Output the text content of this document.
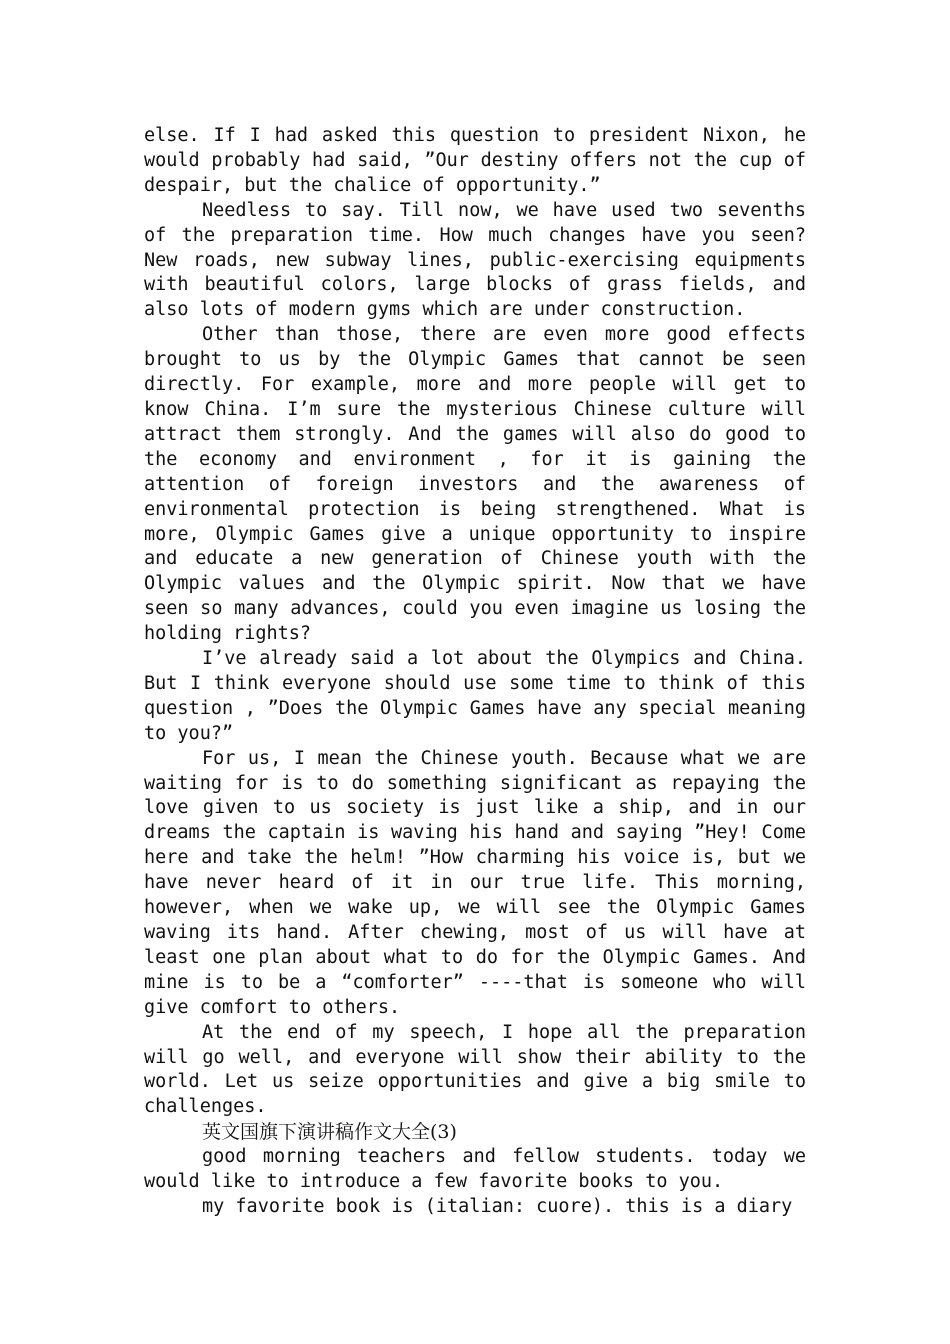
else. If I had asked this question to president Nixon, he would probably had said, ”Our destiny offers not the cup of despair, but the chalice of opportunity.”

Needless to say. Till now, we have used two sevenths of the preparation time. How much changes have you seen? New roads, new subway lines, public-exercising equipments with beautiful colors, large blocks of grass fields, and also lots of modern gyms which are under construction.

Other than those, there are even more good effects brought to us by the Olympic Games that cannot be seen directly. For example, more and more people will get to know China. I’m sure the mysterious Chinese culture will attract them strongly. And the games will also do good to the economy and environment , for it is gaining the attention of foreign investors and the awareness of environmental protection is being strengthened. What is more, Olympic Games give a unique opportunity to inspire and educate a new generation of Chinese youth with the Olympic values and the Olympic spirit. Now that we have seen so many advances, could you even imagine us losing the holding rights?

I’ve already said a lot about the Olympics and China. But I think everyone should use some time to think of this question , ”Does the Olympic Games have any special meaning to you?”

For us, I mean the Chinese youth. Because what we are waiting for is to do something significant as repaying the love given to us society is just like a ship, and in our dreams the captain is waving his hand and saying ”Hey! Come here and take the helm! ”How charming his voice is, but we have never heard of it in our true life. This morning, however, when we wake up, we will see the Olympic Games waving its hand. After chewing, most of us will have at least one plan about what to do for the Olympic Games. And mine is to be a “comforter” ----that is someone who will give comfort to others.

At the end of my speech, I hope all the preparation will go well, and everyone will show their ability to the world. Let us seize opportunities and give a big smile to challenges.

英文国旗下演讲稿作文大全(3)

good morning teachers and fellow students. today we would like to introduce a few favorite books to you.

my favorite book is (italian: cuore). this is a diary
